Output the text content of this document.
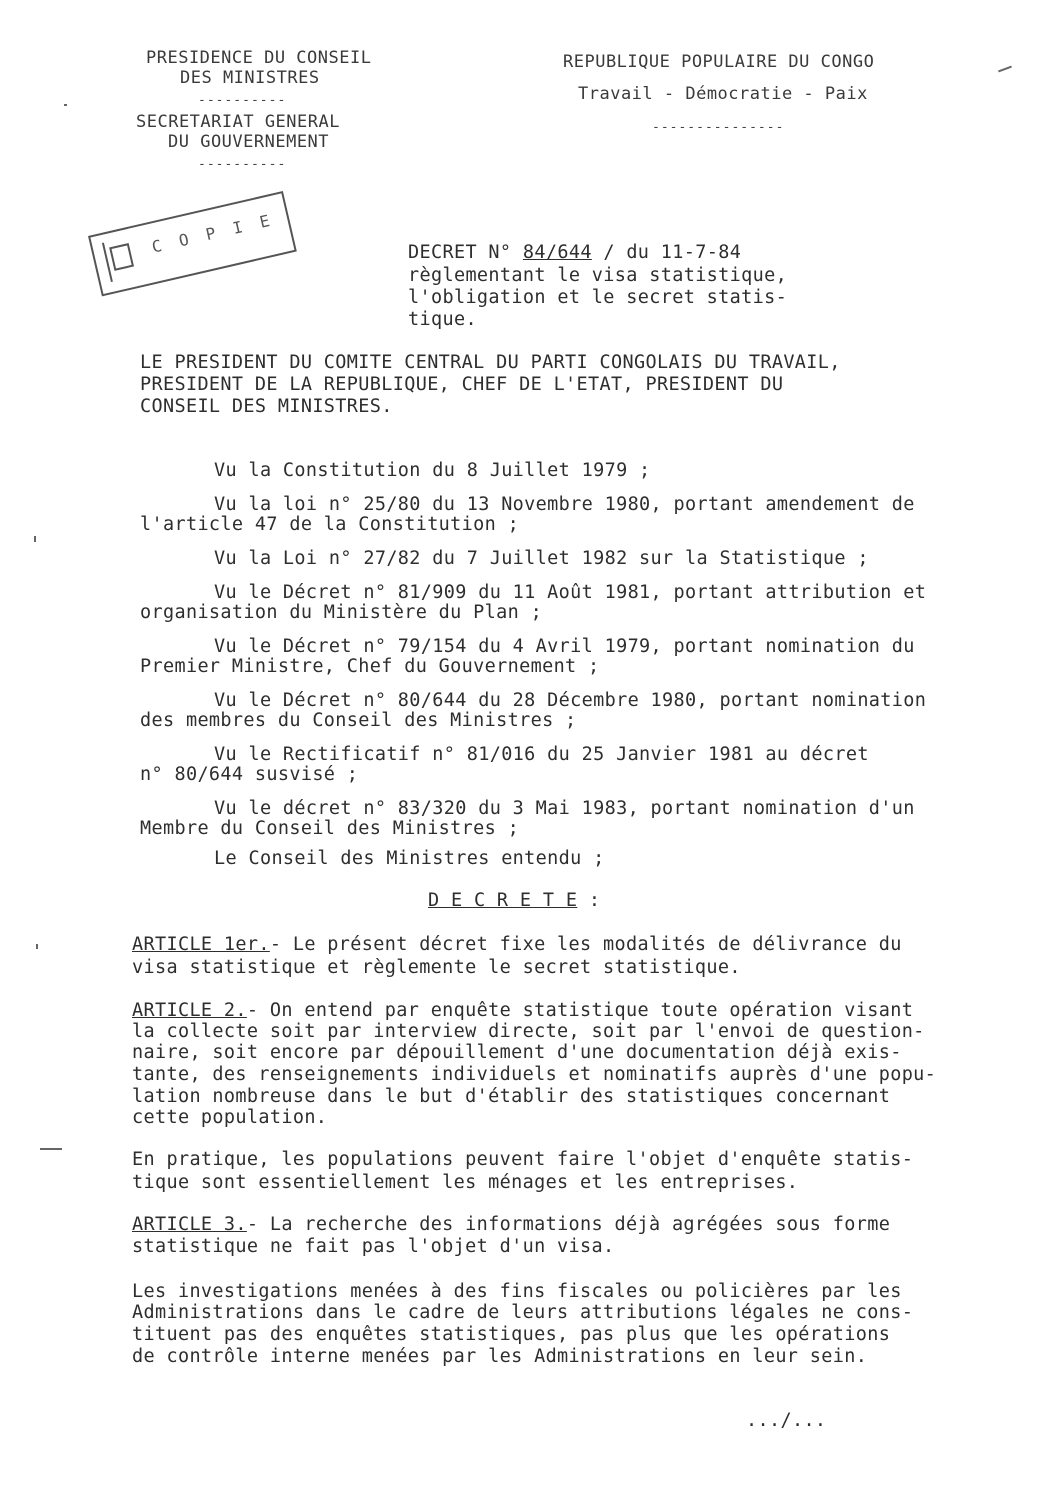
PRESIDENCE DU CONSEIL
DES MINISTRES
----------
SECRETARIAT GENERAL
DU GOUVERNEMENT
----------
REPUBLIQUE POPULAIRE DU CONGO
Travail - Démocratie - Paix
---------------
COPIE	DECRET N° 84/644 / du 11-7-84
règlementant le visa statistique,
l'obligation et le secret statis-
tique.
LE PRESIDENT DU COMITE CENTRAL DU PARTI CONGOLAIS DU TRAVAIL,
PRESIDENT DE LA REPUBLIQUE, CHEF DE L'ETAT, PRESIDENT DU
CONSEIL DES MINISTRES.
Vu la Constitution du 8 Juillet 1979 ;
Vu la loi n° 25/80 du 13 Novembre 1980, portant amendement de
l'article 47 de la Constitution ;
Vu la Loi n° 27/82 du 7 Juillet 1982 sur la Statistique ;
Vu le Décret n° 81/909 du 11 Août 1981, portant attribution et
organisation du Ministère du Plan ;
Vu le Décret n° 79/154 du 4 Avril 1979, portant nomination du
Premier Ministre, Chef du Gouvernement ;
Vu le Décret n° 80/644 du 28 Décembre 1980, portant nomination
des membres du Conseil des Ministres ;
Vu le Rectificatif n° 81/016 du 25 Janvier 1981 au décret
n° 80/644 susvisé ;
Vu le décret n° 83/320 du 3 Mai 1983, portant nomination d'un
Membre du Conseil des Ministres ;
Le Conseil des Ministres entendu ;
D E C R E T E :
ARTICLE 1er.- Le présent décret fixe les modalités de délivrance du
visa statistique et règlemente le secret statistique.
ARTICLE 2.- On entend par enquête statistique toute opération visant
la collecte soit par interview directe, soit par l'envoi de question-
naire, soit encore par dépouillement d'une documentation déjà exis-
tante, des renseignements individuels et nominatifs auprès d'une popu-
lation nombreuse dans le but d'établir des statistiques concernant
cette population.
En pratique, les populations peuvent faire l'objet d'enquête statis-
tique sont essentiellement les ménages et les entreprises.
ARTICLE 3.- La recherche des informations déjà agrégées sous forme
statistique ne fait pas l'objet d'un visa.
Les investigations menées à des fins fiscales ou policières par les
Administrations dans le cadre de leurs attributions légales ne cons-
tituent pas des enquêtes statistiques, pas plus que les opérations
de contrôle interne menées par les Administrations en leur sein.
.../...
